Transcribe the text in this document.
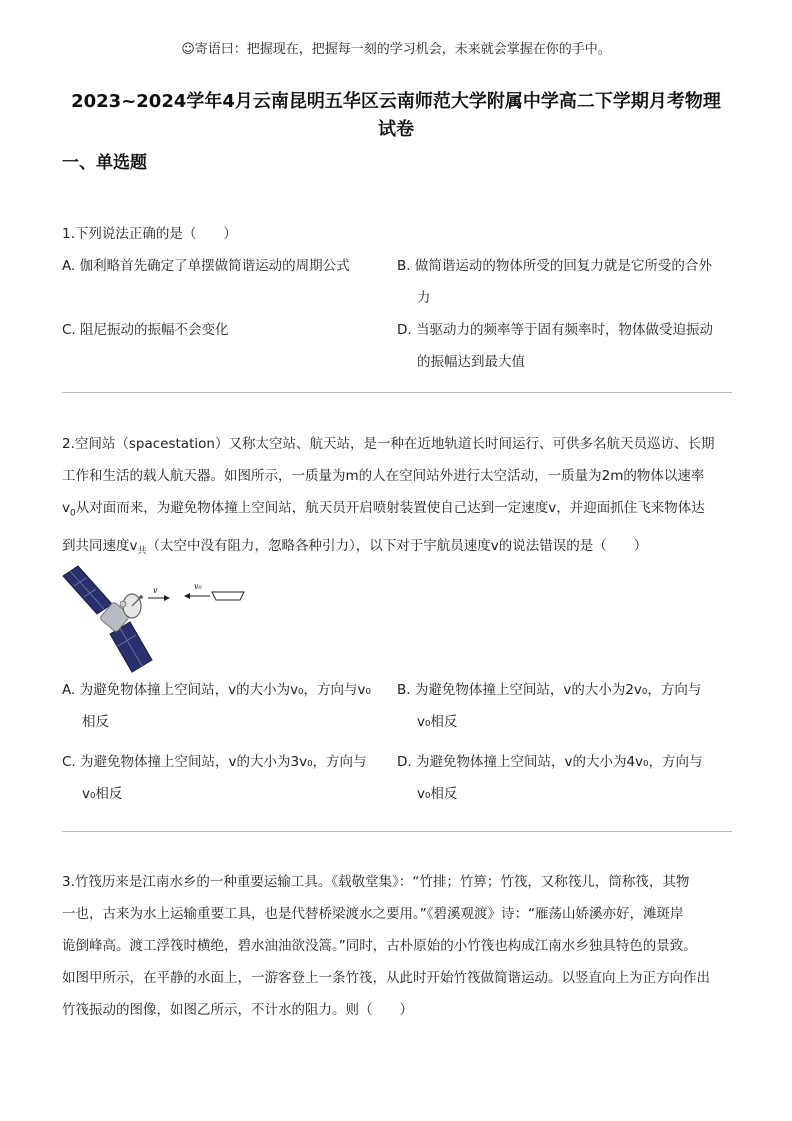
☺寄语曰：把握现在，把握每一刻的学习机会，未来就会掌握在你的手中。
2023~2024学年4月云南昆明五华区云南师范大学附属中学高二下学期月考物理
试卷
一、单选题
1.下列说法正确的是（　　）
A. 伽利略首先确定了单摆做简谐运动的周期公式	B. 做简谐运动的物体所受的回复力就是它所受的合外
力
C. 阻尼振动的振幅不会变化	D. 当驱动力的频率等于固有频率时，物体做受迫振动
的振幅达到最大值
2.空间站（spacestation）又称太空站、航天站，是一种在近地轨道长时间运行、可供多名航天员巡访、长期
工作和生活的载人航天器。如图所示，一质量为m的人在空间站外进行太空活动，一质量为2m的物体以速率
$v_0$从对面而来，为避免物体撞上空间站，航天员开启喷射装置使自己达到一定速度v，并迎面抓住飞来物体达
到共同速度$v_共$（太空中没有阻力，忽略各种引力），以下对于宇航员速度v的说法错误的是（　　）
v	v₀
A. 为避免物体撞上空间站，v的大小为v₀，方向与v₀
相反
B. 为避免物体撞上空间站，v的大小为2v₀，方向与
v₀相反
C. 为避免物体撞上空间站，v的大小为3v₀，方向与
v₀相反
D. 为避免物体撞上空间站，v的大小为4v₀，方向与
v₀相反
3.竹筏历来是江南水乡的一种重要运输工具。《载敬堂集》：“竹排；竹箅；竹筏，又称筏儿，筒称筏，其物
一也，古来为水上运输重要工具，也是代替桥梁渡水之要用。”《碧溪观渡》诗：“雁荡山娇溪亦好，滩斑岸
诡倒峰高。渡工浮筏时横绝，碧水油油欲没篙。”同时，古朴原始的小竹筏也构成江南水乡独具特色的景致。
如图甲所示，在平静的水面上，一游客登上一条竹筏，从此时开始竹筏做简谐运动。以竖直向上为正方向作出
竹筏振动的图像，如图乙所示，不计水的阻力。则（　　）
